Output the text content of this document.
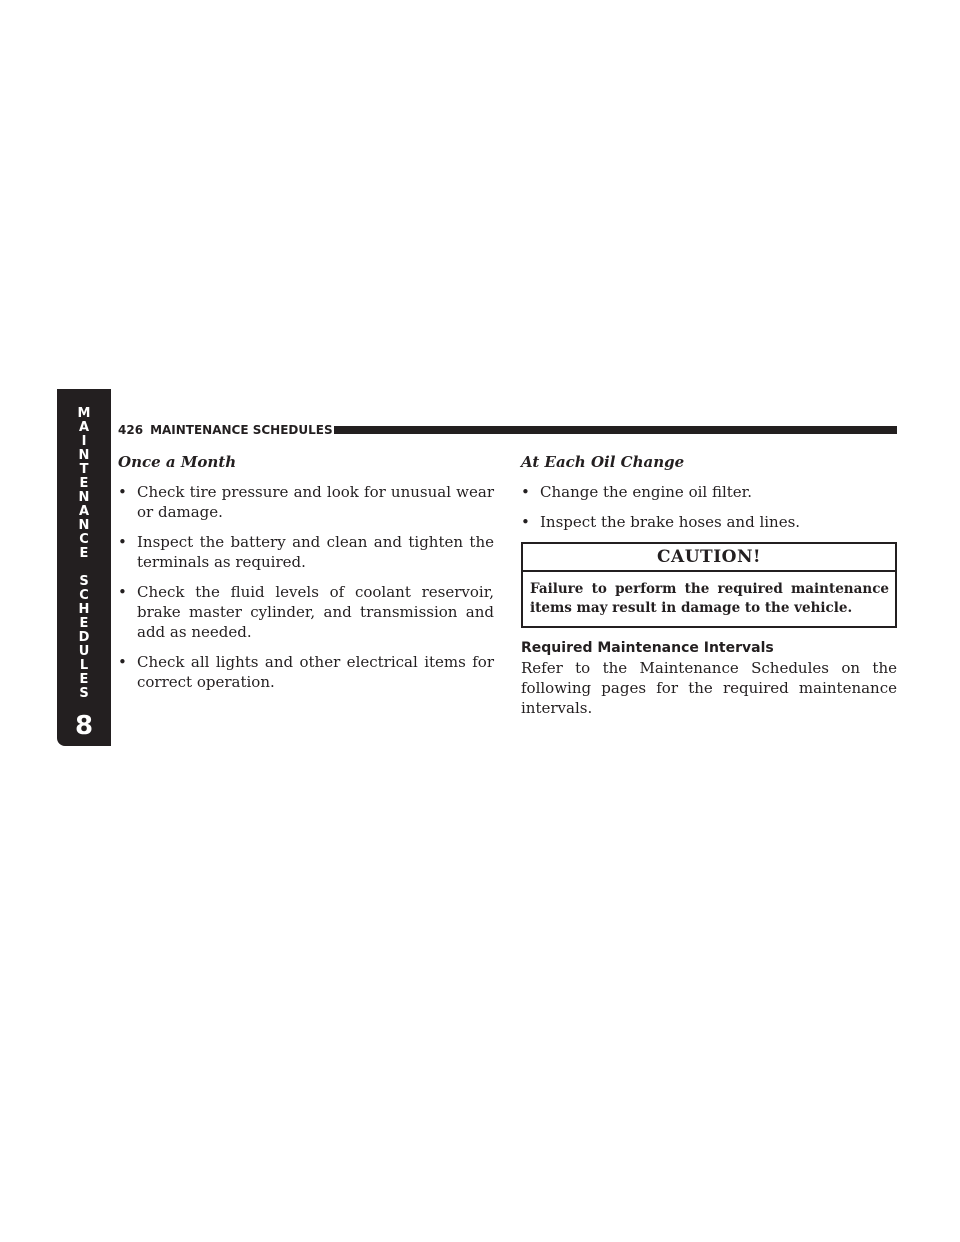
M
A
I
N
T
E
N
A
N
C
E
S
C
H
E
D
U
L
E
S
8
426 MAINTENANCE SCHEDULES
Once a Month
• Check tire pressure and look for unusual wear or damage.
• Inspect the battery and clean and tighten the terminals as required.
• Check the fluid levels of coolant reservoir, brake master cylinder, and transmission and add as needed.
• Check all lights and other electrical items for correct operation.
At Each Oil Change
• Change the engine oil filter.
• Inspect the brake hoses and lines.
CAUTION!
Failure to perform the required maintenance items may result in damage to the vehicle.
Required Maintenance Intervals
Refer to the Maintenance Schedules on the following pages for the required maintenance intervals.
